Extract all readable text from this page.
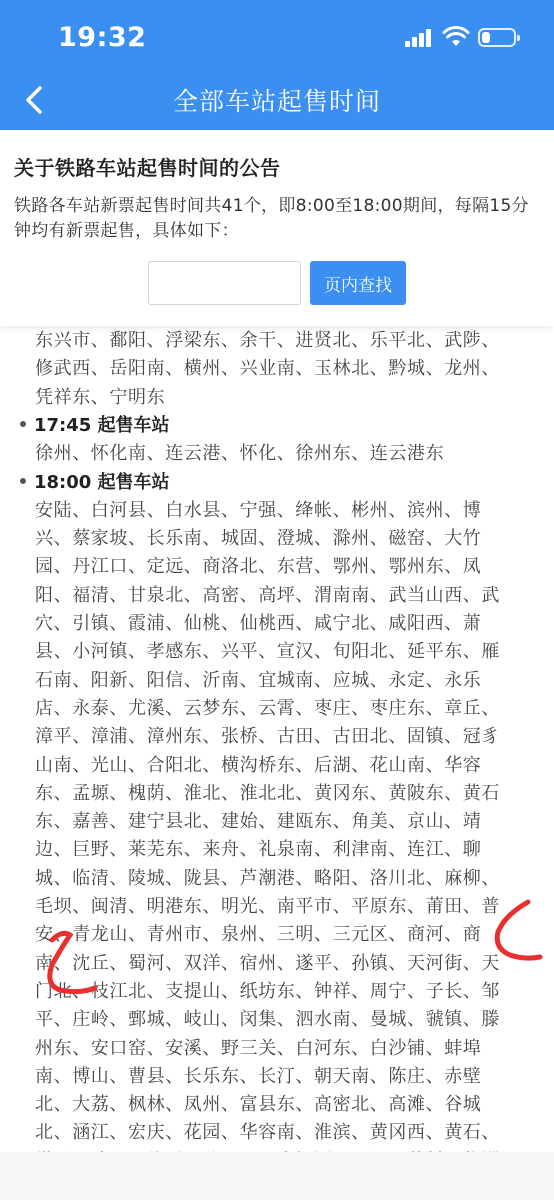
19:32
全部车站起售时间
关于铁路车站起售时间的公告
铁路各车站新票起售时间共41个，即8:00至18:00期间，每隔15分钟均有新票起售，具体如下：
页内查找
东兴市、鄱阳、浮梁东、余干、进贤北、乐平北、武陟、
修武西、岳阳南、横州、兴业南、玉林北、黔城、龙州、
凭祥东、宁明东
17:45 起售车站
徐州、怀化南、连云港、怀化、徐州东、连云港东
18:00 起售车站
安陆、白河县、白水县、宁强、绛帐、彬州、滨州、博
兴、蔡家坡、长乐南、城固、澄城、滁州、磁窑、大竹
园、丹江口、定远、商洛北、东营、鄂州、鄂州东、凤
阳、福清、甘泉北、高密、高坪、渭南南、武当山西、武
穴、引镇、霞浦、仙桃、仙桃西、咸宁北、咸阳西、萧
县、小河镇、孝感东、兴平、宣汉、旬阳北、延平东、雁
石南、阳新、阳信、沂南、宜城南、应城、永定、永乐
店、永泰、尤溪、云梦东、云霄、枣庄、枣庄东、章丘、
漳平、漳浦、漳州东、张桥、古田、古田北、固镇、冠豸
山南、光山、合阳北、横沟桥东、后湖、花山南、华容
东、孟塬、槐荫、淮北、淮北北、黄冈东、黄陂东、黄石
东、嘉善、建宁县北、建始、建瓯东、角美、京山、靖
边、巨野、莱芜东、来舟、礼泉南、利津南、连江、聊
城、临清、陵城、陇县、芦潮港、略阳、洛川北、麻柳、
毛坝、闽清、明港东、明光、南平市、平原东、莆田、普
安、青龙山、青州市、泉州、三明、三元区、商河、商
南、沈丘、蜀河、双洋、宿州、遂平、孙镇、天河街、天
门北、枝江北、支提山、纸坊东、钟祥、周宁、子长、邹
平、庄岭、鄄城、岐山、闵集、泗水南、曼城、虢镇、滕
州东、安口窑、安溪、野三关、白河东、白沙铺、蚌埠
南、博山、曹县、长乐东、长汀、朝天南、陈庄、赤壁
北、大荔、枫林、凤州、富县东、高密北、高滩、谷城
北、涵江、宏庆、花园、华容南、淮滨、黄冈西、黄石、
